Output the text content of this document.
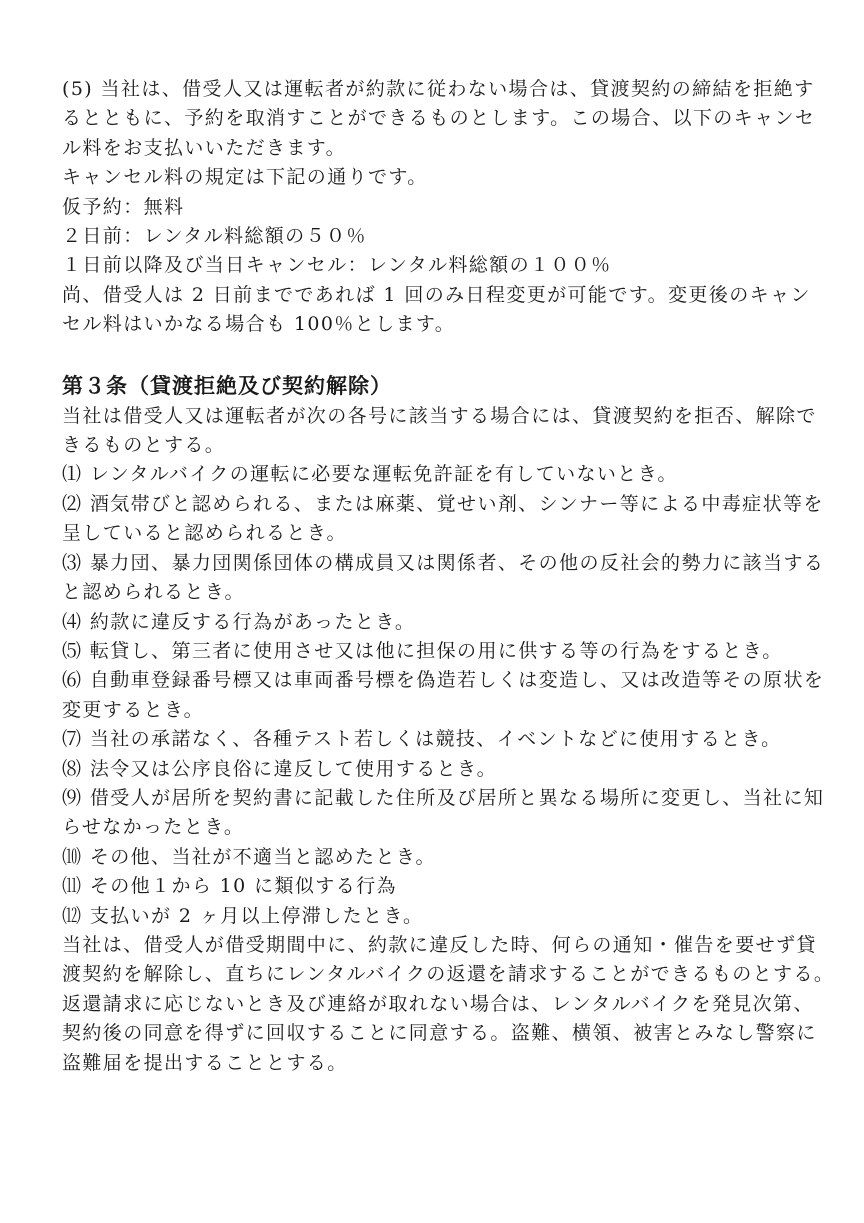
(5) 当社は、借受人又は運転者が約款に従わない場合は、貸渡契約の締結を拒絶す
るとともに、予約を取消すことができるものとします。この場合、以下のキャンセ
ル料をお支払いいただきます。
キャンセル料の規定は下記の通りです。
仮予約：無料
２日前：レンタル料総額の５０％
１日前以降及び当日キャンセル：レンタル料総額の１００％
尚、借受人は 2 日前までであれば 1 回のみ日程変更が可能です。変更後のキャン
セル料はいかなる場合も 100％とします。
第３条（貸渡拒絶及び契約解除）
当社は借受人又は運転者が次の各号に該当する場合には、貸渡契約を拒否、解除で
きるものとする。
⑴ レンタルバイクの運転に必要な運転免許証を有していないとき。
⑵ 酒気帯びと認められる、または麻薬、覚せい剤、シンナー等による中毒症状等を
呈していると認められるとき。
⑶ 暴力団、暴力団関係団体の構成員又は関係者、その他の反社会的勢力に該当する
と認められるとき。
⑷ 約款に違反する行為があったとき。
⑸ 転貸し、第三者に使用させ又は他に担保の用に供する等の行為をするとき。
⑹ 自動車登録番号標又は車両番号標を偽造若しくは変造し、又は改造等その原状を
変更するとき。
⑺ 当社の承諾なく、各種テスト若しくは競技、イベントなどに使用するとき。
⑻ 法令又は公序良俗に違反して使用するとき。
⑼ 借受人が居所を契約書に記載した住所及び居所と異なる場所に変更し、当社に知
らせなかったとき。
⑽ その他、当社が不適当と認めたとき。
⑾ その他１から 10 に類似する行為
⑿ 支払いが 2 ヶ月以上停滞したとき。
当社は、借受人が借受期間中に、約款に違反した時、何らの通知・催告を要せず貸
渡契約を解除し、直ちにレンタルバイクの返還を請求することができるものとする。
返還請求に応じないとき及び連絡が取れない場合は、レンタルバイクを発見次第、
契約後の同意を得ずに回収することに同意する。盗難、横領、被害とみなし警察に
盗難届を提出することとする。
